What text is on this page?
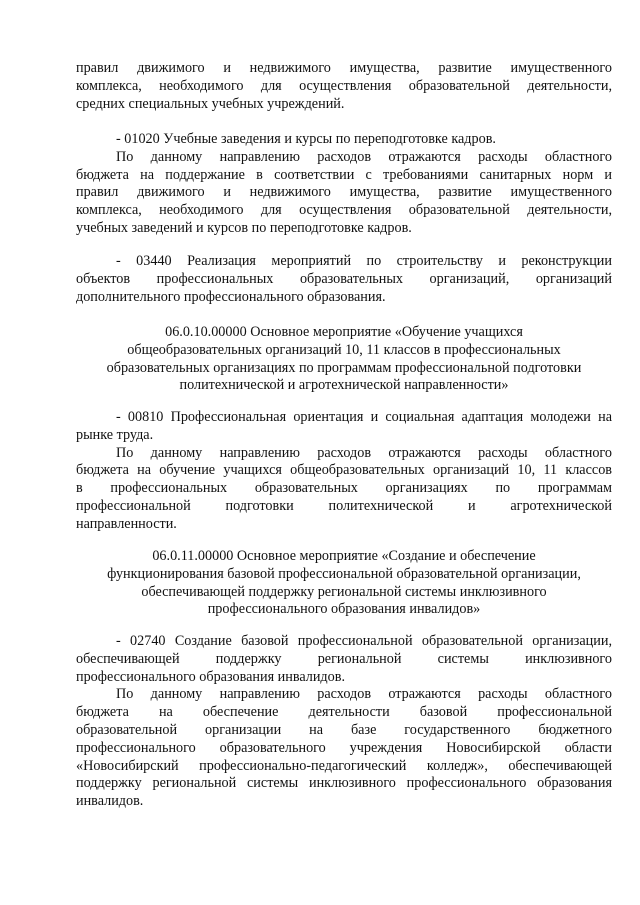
правил движимого и недвижимого имущества, развитие имущественного
комплекса, необходимого для осуществления образовательной деятельности,
средних специальных учебных учреждений.
- 01020 Учебные заведения и курсы по переподготовке кадров.
По данному направлению расходов отражаются расходы областного
бюджета на поддержание в соответствии с требованиями санитарных норм и
правил движимого и недвижимого имущества, развитие имущественного
комплекса, необходимого для осуществления образовательной деятельности,
учебных заведений и курсов по переподготовке кадров.
- 03440 Реализация мероприятий по строительству и реконструкции
объектов профессиональных образовательных организаций, организаций
дополнительного профессионального образования.
06.0.10.00000 Основное мероприятие «Обучение учащихся
общеобразовательных организаций 10, 11 классов в профессиональных
образовательных организациях по программам профессиональной подготовки
политехнической и агротехнической направленности»
- 00810 Профессиональная ориентация и социальная адаптация молодежи на
рынке труда.
По данному направлению расходов отражаются расходы областного
бюджета на обучение учащихся общеобразовательных организаций 10, 11 классов
в профессиональных образовательных организациях по программам
профессиональной подготовки политехнической и агротехнической
направленности.
06.0.11.00000 Основное мероприятие «Создание и обеспечение
функционирования базовой профессиональной образовательной организации,
обеспечивающей поддержку региональной системы инклюзивного
профессионального образования инвалидов»
- 02740 Создание базовой профессиональной образовательной организации,
обеспечивающей поддержку региональной системы инклюзивного
профессионального образования инвалидов.
По данному направлению расходов отражаются расходы областного
бюджета на обеспечение деятельности базовой профессиональной
образовательной организации на базе государственного бюджетного
профессионального образовательного учреждения Новосибирской области
«Новосибирский профессионально-педагогический колледж», обеспечивающей
поддержку региональной системы инклюзивного профессионального образования
инвалидов.
